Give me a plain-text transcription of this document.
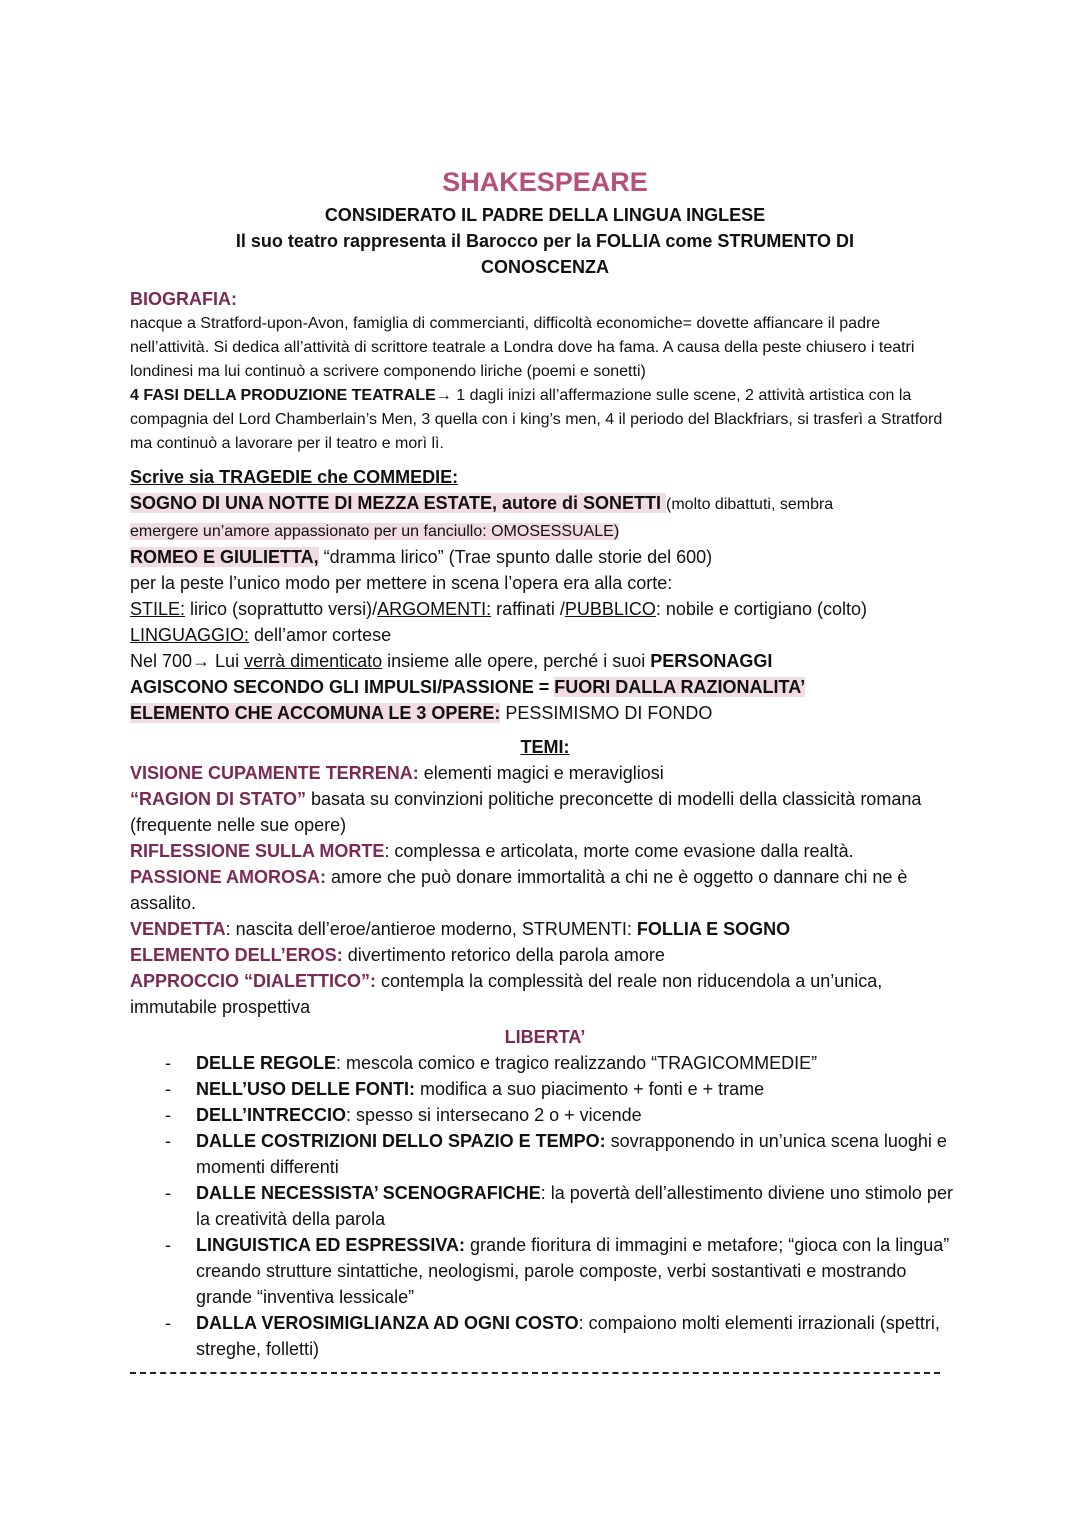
SHAKESPEARE
CONSIDERATO IL PADRE DELLA LINGUA INGLESE
Il suo teatro rappresenta il Barocco per la FOLLIA come STRUMENTO DI CONOSCENZA
BIOGRAFIA:
nacque a Stratford-upon-Avon, famiglia di commercianti, difficoltà economiche= dovette affiancare il padre nell’attività. Si dedica all’attività di scrittore teatrale a Londra dove ha fama. A causa della peste chiusero i teatri londinesi ma lui continuò a scrivere componendo liriche (poemi e sonetti)
4 FASI DELLA PRODUZIONE TEATRALE→ 1 dagli inizi all’affermazione sulle scene, 2 attività artistica con la compagnia del Lord Chamberlain’s Men, 3 quella con i king’s men, 4 il periodo del Blackfriars, si trasferì a Stratford ma continuò a lavorare per il teatro e morì lì.
Scrive sia TRAGEDIE che COMMEDIE:
SOGNO DI UNA NOTTE DI MEZZA ESTATE, autore di SONETTI (molto dibattuti, sembra
emergere un’amore appassionato per un fanciullo: OMOSESSUALE)
ROMEO E GIULIETTA, “dramma lirico” (Trae spunto dalle storie del 600)
per la peste l’unico modo per mettere in scena l’opera era alla corte:
STILE: lirico (soprattutto versi)/ARGOMENTI: raffinati /PUBBLICO: nobile e cortigiano (colto)
LINGUAGGIO: dell’amor cortese
Nel 700→ Lui verrà dimenticato insieme alle opere, perché i suoi PERSONAGGI
AGISCONO SECONDO GLI IMPULSI/PASSIONE = FUORI DALLA RAZIONALITA’
ELEMENTO CHE ACCOMUNA LE 3 OPERE: PESSIMISMO DI FONDO
TEMI:
VISIONE CUPAMENTE TERRENA: elementi magici e meravigliosi
“RAGION DI STATO” basata su convinzioni politiche preconcette di modelli della classicità romana (frequente nelle sue opere)
RIFLESSIONE SULLA MORTE: complessa e articolata, morte come evasione dalla realtà.
PASSIONE AMOROSA: amore che può donare immortalità a chi ne è oggetto o dannare chi ne è assalito.
VENDETTA: nascita dell’eroe/antieroe moderno, STRUMENTI: FOLLIA E SOGNO
ELEMENTO DELL’EROS: divertimento retorico della parola amore
APPROCCIO “DIALETTICO”: contempla la complessità del reale non riducendola a un’unica, immutabile prospettiva
LIBERTA’
- DELLE REGOLE: mescola comico e tragico realizzando “TRAGICOMMEDIE”
- NELL’USO DELLE FONTI: modifica a suo piacimento + fonti e + trame
- DELL’INTRECCIO: spesso si intersecano 2 o + vicende
- DALLE COSTRIZIONI DELLO SPAZIO E TEMPO: sovrapponendo in un’unica scena luoghi e momenti differenti
- DALLE NECESSISTA’ SCENOGRAFICHE: la povertà dell’allestimento diviene uno stimolo per la creatività della parola
- LINGUISTICA ED ESPRESSIVA: grande fioritura di immagini e metafore; “gioca con la lingua” creando strutture sintattiche, neologismi, parole composte, verbi sostantivati e mostrando grande “inventiva lessicale”
- DALLA VEROSIMIGLIANZA AD OGNI COSTO: compaiono molti elementi irrazionali (spettri, streghe, folletti)
